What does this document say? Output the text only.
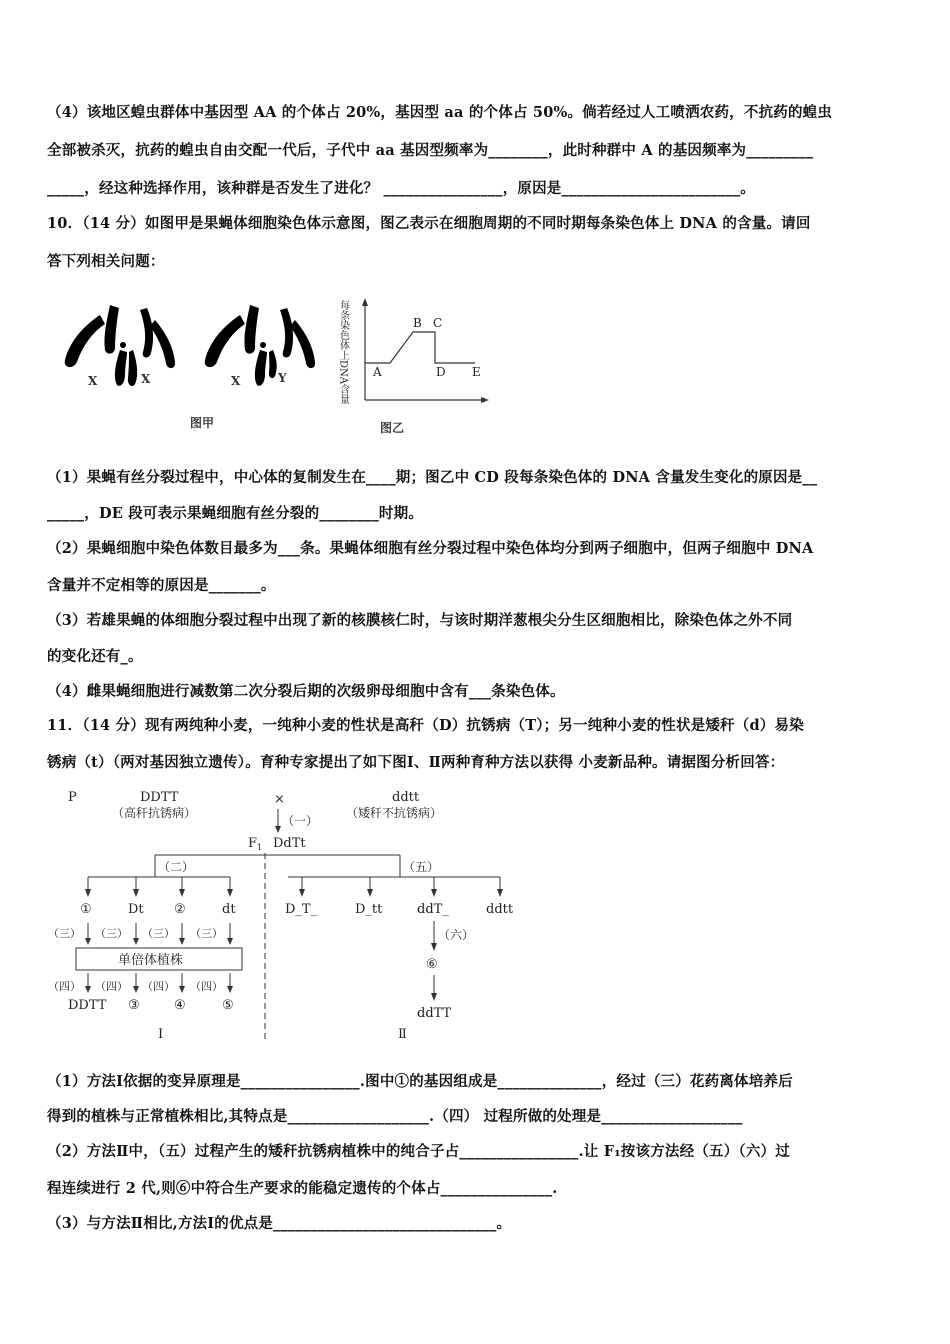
（4）该地区蝗虫群体中基因型 AA 的个体占 20%，基因型 aa 的个体占 50%。倘若经过人工喷洒农药，不抗药的蝗虫
全部被杀灭，抗药的蝗虫自由交配一代后，子代中 aa 基因型频率为________，此时种群中 A 的基因频率为_________
_____，经这种选择作用，该种群是否发生了进化？ ________________，原因是________________________。
10．（14 分）如图甲是果蝇体细胞染色体示意图，图乙表示在细胞周期的不同时期每条染色体上 DNA 的含量。请回
答下列相关问题：
（1）果蝇有丝分裂过程中，中心体的复制发生在____期；图乙中 CD 段每条染色体的 DNA 含量发生变化的原因是__
_____，DE 段可表示果蝇细胞有丝分裂的________时期。
（2）果蝇细胞中染色体数目最多为___条。果蝇体细胞有丝分裂过程中染色体均分到两子细胞中，但两子细胞中 DNA
含量并不定相等的原因是_______。
（3）若雄果蝇的体细胞分裂过程中出现了新的核膜核仁时，与该时期洋葱根尖分生区细胞相比，除染色体之外不同
的变化还有_。
（4）雌果蝇细胞进行减数第二次分裂后期的次级卵母细胞中含有___条染色体。
11．（14 分）现有两纯种小麦，一纯种小麦的性状是高秆（D）抗锈病（T）；另一纯种小麦的性状是矮秆（d）易染
锈病（t）（两对基因独立遗传）。育种专家提出了如下图Ⅰ、Ⅱ两种育种方法以获得 小麦新品种。请据图分析回答：
（1）方法Ⅰ依据的变异原理是________________.图中①的基因组成是______________，经过（三）花药离体培养后
得到的植株与正常植株相比,其特点是___________________.（四） 过程所做的处理是___________________
（2）方法Ⅱ中，（五）过程产生的矮秆抗锈病植株中的纯合子占________________.让 F₁按该方法经（五）（六）过
程连续进行 2 代,则⑥中符合生产要求的能稳定遗传的个体占_______________.
（3）与方法Ⅱ相比,方法Ⅰ的优点是______________________________。
X	X	X	Y
图甲
每条染色体上DNA含量 A
B C
D E
图乙
P	DDTT
（高秆抗锈病）
×	ddtt
（矮秆不抗锈病）
（一）
F 1 DdTt
（二）	（五）
①	Dt ②	dt	D_T_	D_tt	ddT_	ddtt
（三） （三） （三） （三）
单倍体植株
（四） （四） （四） （四）
DDTT ③	④	⑤
（六）
⑥
ddTT
Ⅰ	Ⅱ
